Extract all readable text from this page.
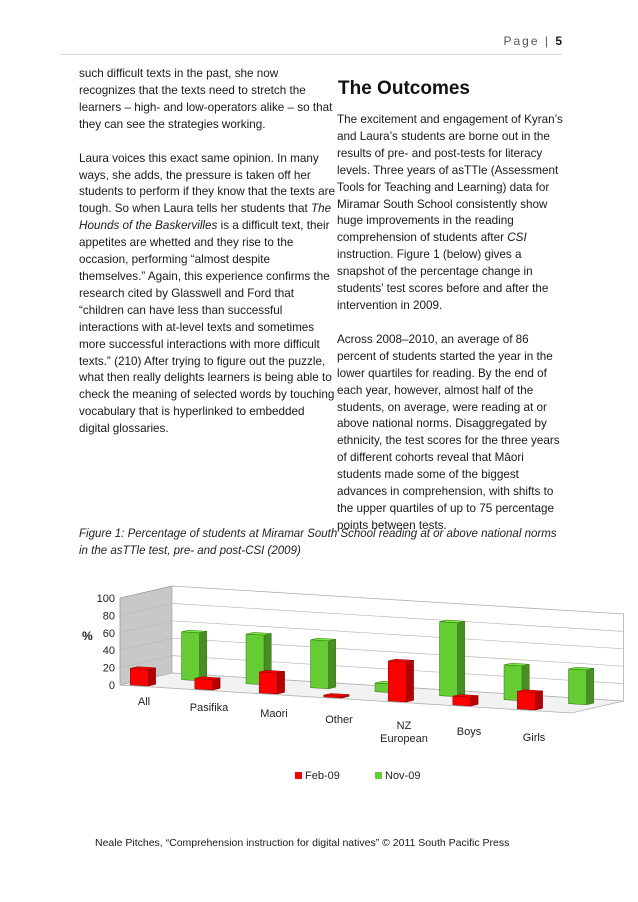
Page | 5

such difficult texts in the past, she now recognizes that the texts need to stretch the learners – high- and low-operators alike – so that they can see the strategies working.

Laura voices this exact same opinion. In many ways, she adds, the pressure is taken off her students to perform if they know that the texts are tough. So when Laura tells her students that The Hounds of the Baskervilles is a difficult text, their appetites are whetted and they rise to the occasion, performing “almost despite themselves.” Again, this experience confirms the research cited by Glasswell and Ford that “children can have less than successful interactions with at-level texts and sometimes more successful interactions with more difficult texts.” (210) After trying to figure out the puzzle, what then really delights learners is being able to check the meaning of selected words by touching vocabulary that is hyperlinked to embedded digital glossaries.

The Outcomes

The excitement and engagement of Kyran’s and Laura’s students are borne out in the results of pre- and post-tests for literacy levels. Three years of asTTle (Assessment Tools for Teaching and Learning) data for Miramar South School consistently show huge improvements in the reading comprehension of students after CSI instruction. Figure 1 (below) gives a snapshot of the percentage change in students’ test scores before and after the intervention in 2009.

Across 2008–2010, an average of 86 percent of students started the year in the lower quartiles for reading. By the end of each year, however, almost half of the students, on average, were reading at or above national norms. Disaggregated by ethnicity, the test scores for the three years of different cohorts reveal that Māori students made some of the biggest advances in comprehension, with shifts to the upper quartiles of up to 75 percentage points between tests.

Figure 1: Percentage of students at Miramar South School reading at or above national norms in the asTTle test, pre- and post-CSI (2009)
0
20
40
60
80
100
%
All	Pasifika	Maori	Other	NZ European
Boys	Girls
Feb-09	Nov-09
Neale Pitches, “Comprehension instruction for digital natives” © 2011 South Pacific Press
